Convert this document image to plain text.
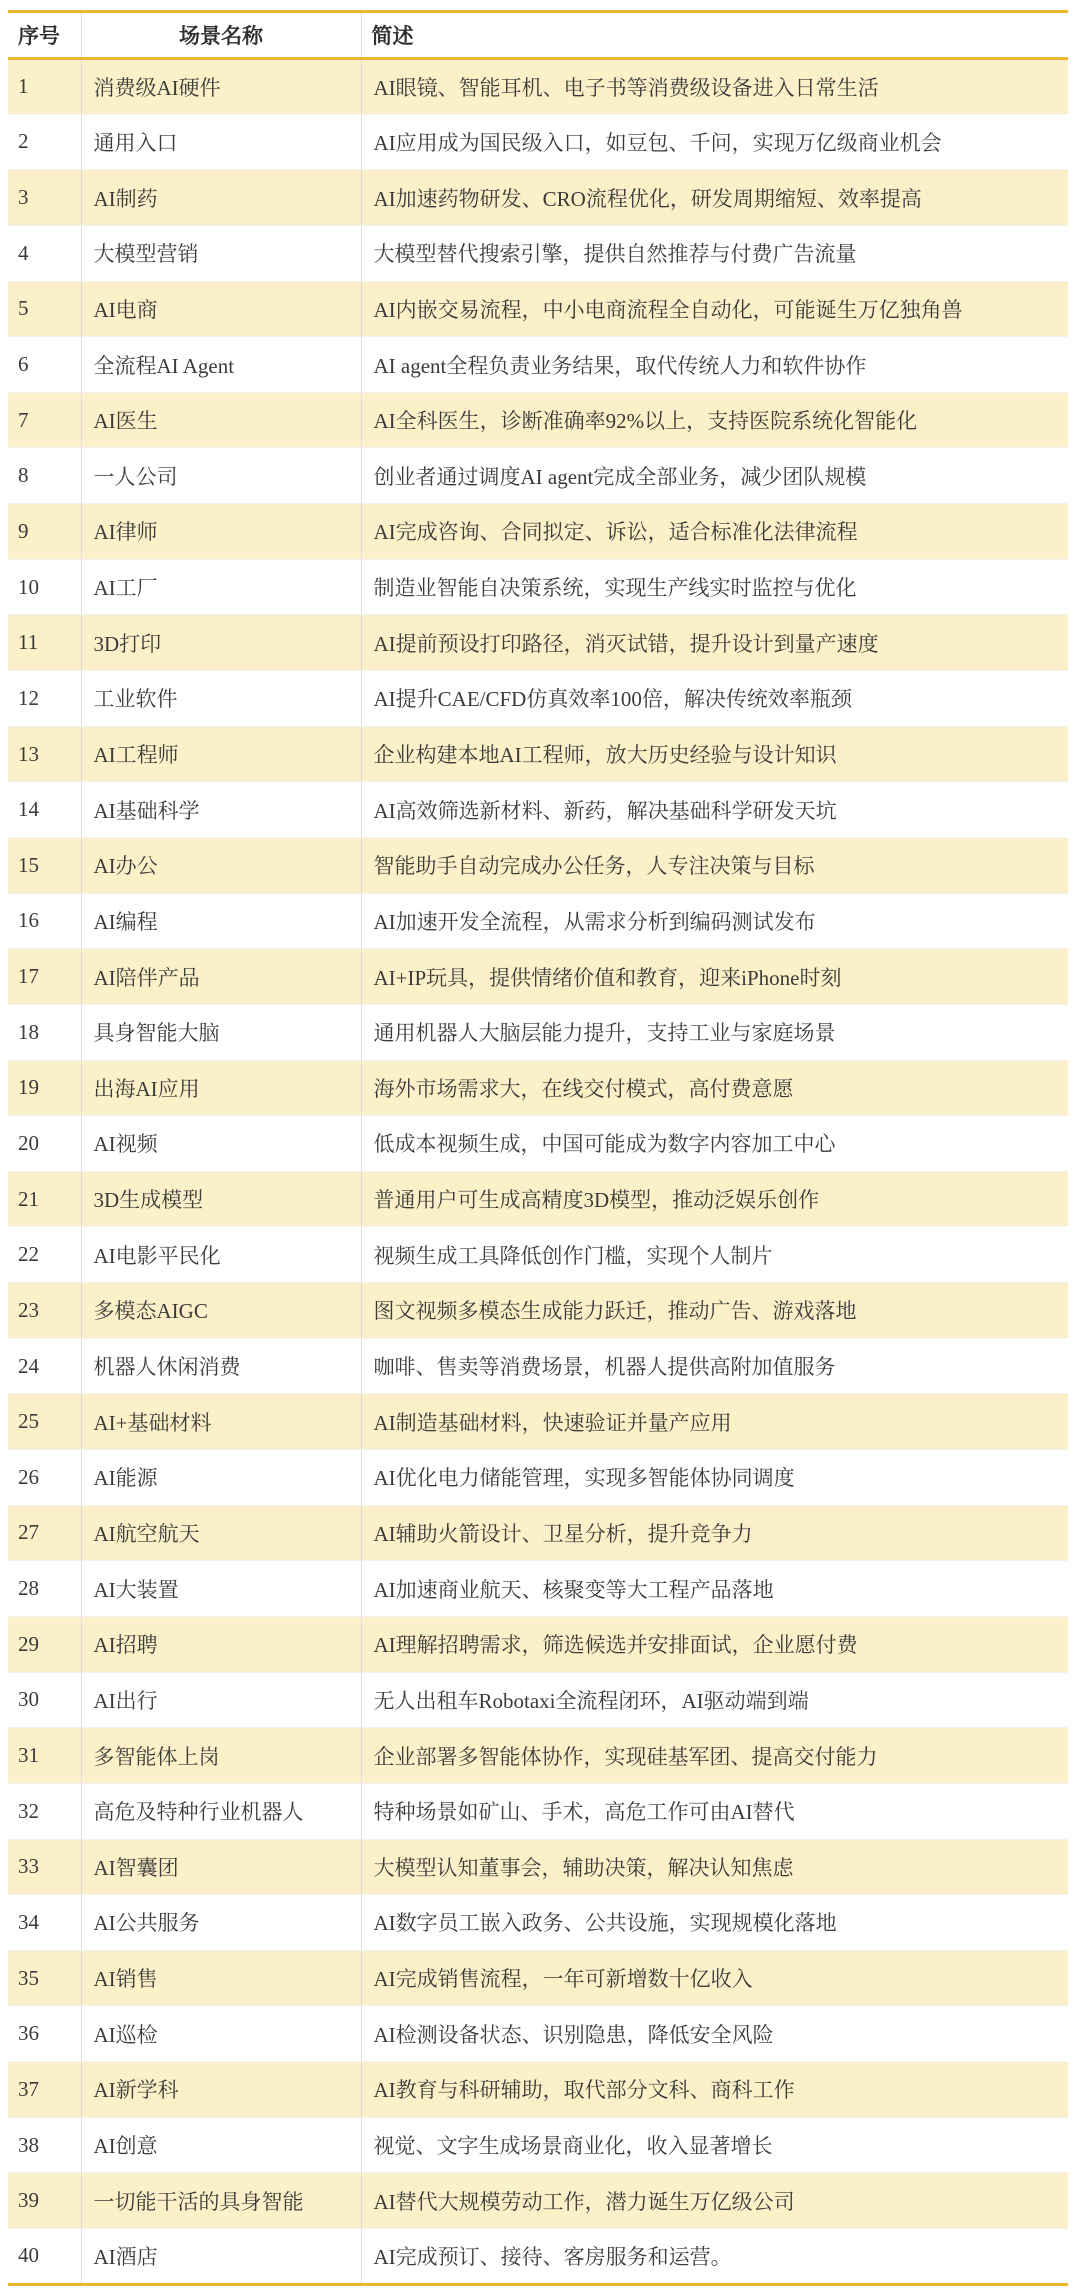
序号	场景名称	简述
1	消费级AI硬件	AI眼镜、智能耳机、电子书等消费级设备进入日常生活
2	通用入口	AI应用成为国民级入口，如豆包、千问，实现万亿级商业机会
3	AI制药	AI加速药物研发、CRO流程优化，研发周期缩短、效率提高
4	大模型营销	大模型替代搜索引擎，提供自然推荐与付费广告流量
5	AI电商	AI内嵌交易流程，中小电商流程全自动化，可能诞生万亿独角兽
6	全流程AI Agent	AI agent全程负责业务结果，取代传统人力和软件协作
7	AI医生	AI全科医生，诊断准确率92%以上，支持医院系统化智能化
8	一人公司	创业者通过调度AI agent完成全部业务，减少团队规模
9	AI律师	AI完成咨询、合同拟定、诉讼，适合标准化法律流程
10	AI工厂	制造业智能自决策系统，实现生产线实时监控与优化
11	3D打印	AI提前预设打印路径，消灭试错，提升设计到量产速度
12	工业软件	AI提升CAE/CFD仿真效率100倍，解决传统效率瓶颈
13	AI工程师	企业构建本地AI工程师，放大历史经验与设计知识
14	AI基础科学	AI高效筛选新材料、新药，解决基础科学研发天坑
15	AI办公	智能助手自动完成办公任务，人专注决策与目标
16	AI编程	AI加速开发全流程，从需求分析到编码测试发布
17	AI陪伴产品	AI+IP玩具，提供情绪价值和教育，迎来iPhone时刻
18	具身智能大脑	通用机器人大脑层能力提升，支持工业与家庭场景
19	出海AI应用	海外市场需求大，在线交付模式，高付费意愿
20	AI视频	低成本视频生成，中国可能成为数字内容加工中心
21	3D生成模型	普通用户可生成高精度3D模型，推动泛娱乐创作
22	AI电影平民化	视频生成工具降低创作门槛，实现个人制片
23	多模态AIGC	图文视频多模态生成能力跃迁，推动广告、游戏落地
24	机器人休闲消费	咖啡、售卖等消费场景，机器人提供高附加值服务
25	AI+基础材料	AI制造基础材料，快速验证并量产应用
26	AI能源	AI优化电力储能管理，实现多智能体协同调度
27	AI航空航天	AI辅助火箭设计、卫星分析，提升竞争力
28	AI大装置	AI加速商业航天、核聚变等大工程产品落地
29	AI招聘	AI理解招聘需求，筛选候选并安排面试，企业愿付费
30	AI出行	无人出租车Robotaxi全流程闭环，AI驱动端到端
31	多智能体上岗	企业部署多智能体协作，实现硅基军团、提高交付能力
32	高危及特种行业机器人	特种场景如矿山、手术，高危工作可由AI替代
33	AI智囊团	大模型认知董事会，辅助决策，解决认知焦虑
34	AI公共服务	AI数字员工嵌入政务、公共设施，实现规模化落地
35	AI销售	AI完成销售流程，一年可新增数十亿收入
36	AI巡检	AI检测设备状态、识别隐患，降低安全风险
37	AI新学科	AI教育与科研辅助，取代部分文科、商科工作
38	AI创意	视觉、文字生成场景商业化，收入显著增长
39	一切能干活的具身智能	AI替代大规模劳动工作，潜力诞生万亿级公司
40	AI酒店	AI完成预订、接待、客房服务和运营。
